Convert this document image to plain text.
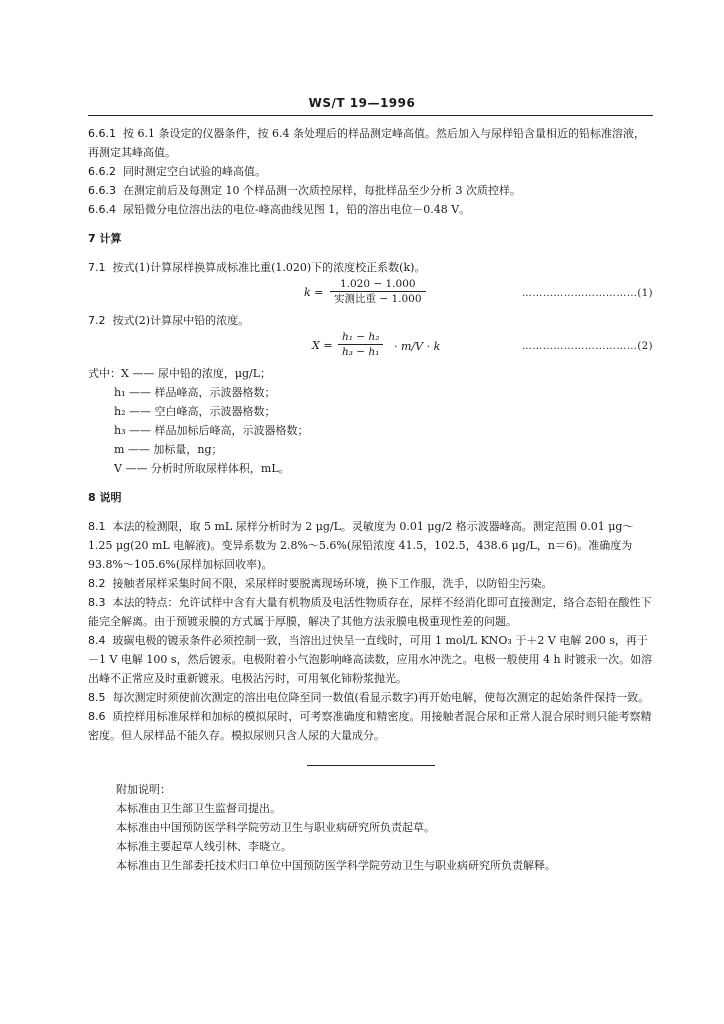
WS/T 19—1996

6.6.1 按 6.1 条设定的仪器条件，按 6.4 条处理后的样品测定峰高值。然后加入与尿样铅含量相近的铅标准溶液，再测定其峰高值。

6.6.2 同时测定空白试验的峰高值。

6.6.3 在测定前后及每测定 10 个样品测一次质控尿样，每批样品至少分析 3 次质控样。

6.6.4 尿铅微分电位溶出法的电位-峰高曲线见图 1，铅的溶出电位－0.48 V。

7 计算

7.1 按式(1)计算尿样换算成标准比重(1.020)下的浓度校正系数(k)。

k =
1.020 − 1.000
实测比重 − 1.000	……………………………(1)

7.2 按式(2)计算尿中铅的浓度。

$X = \frac{\text{h₁ − h₂}}{\text{h₃ − h₁}} \cdot m/V \cdot k$	……………………………(2)

式中：X —— 尿中铅的浓度，μg/L；

h₁ —— 样品峰高，示波器格数；

h₂ —— 空白峰高，示波器格数；

h₃ —— 样品加标后峰高，示波器格数；

m —— 加标量，ng；

V —— 分析时所取尿样体积，mL。

8 说明

8.1 本法的检测限，取 5 mL 尿样分析时为 2 μg/L。灵敏度为 0.01 μg/2 格示波器峰高。测定范围 0.01 μg～1.25 μg(20 mL 电解液)。变异系数为 2.8%～5.6%(尿铅浓度 41.5，102.5，438.6 μg/L，n＝6)。准确度为 93.8%～105.6%(尿样加标回收率)。

8.2 接触者尿样采集时间不限，采尿样时要脱离现场环境，换下工作服，洗手，以防铅尘污染。

8.3 本法的特点：允许试样中含有大量有机物质及电活性物质存在，尿样不经消化即可直接测定，络合态铅在酸性下能完全解离。由于预镀汞膜的方式属于厚膜，解决了其他方法汞膜电极重现性差的问题。

8.4 玻碳电极的镀汞条件必须控制一致，当溶出过快呈一直线时，可用 1 mol/L KNO₃ 于＋2 V 电解 200 s，再于－1 V 电解 100 s，然后镀汞。电极附着小气泡影响峰高读数，应用水冲洗之。电极一般使用 4 h 时镀汞一次。如溶出峰不正常应及时重新镀汞。电极沾污时，可用氧化铈粉浆抛光。

8.5 每次测定时须使前次测定的溶出电位降至同一数值(看显示数字)再开始电解，使每次测定的起始条件保持一致。

8.6 质控样用标准尿样和加标的模拟尿时，可考察准确度和精密度。用接触者混合尿和正常人混合尿时则只能考察精密度。但人尿样品不能久存。模拟尿则只含人尿的大量成分。

附加说明：

本标准由卫生部卫生监督司提出。

本标准由中国预防医学科学院劳动卫生与职业病研究所负责起草。

本标准主要起草人线引林、李晓立。

本标准由卫生部委托技术归口单位中国预防医学科学院劳动卫生与职业病研究所负责解释。
